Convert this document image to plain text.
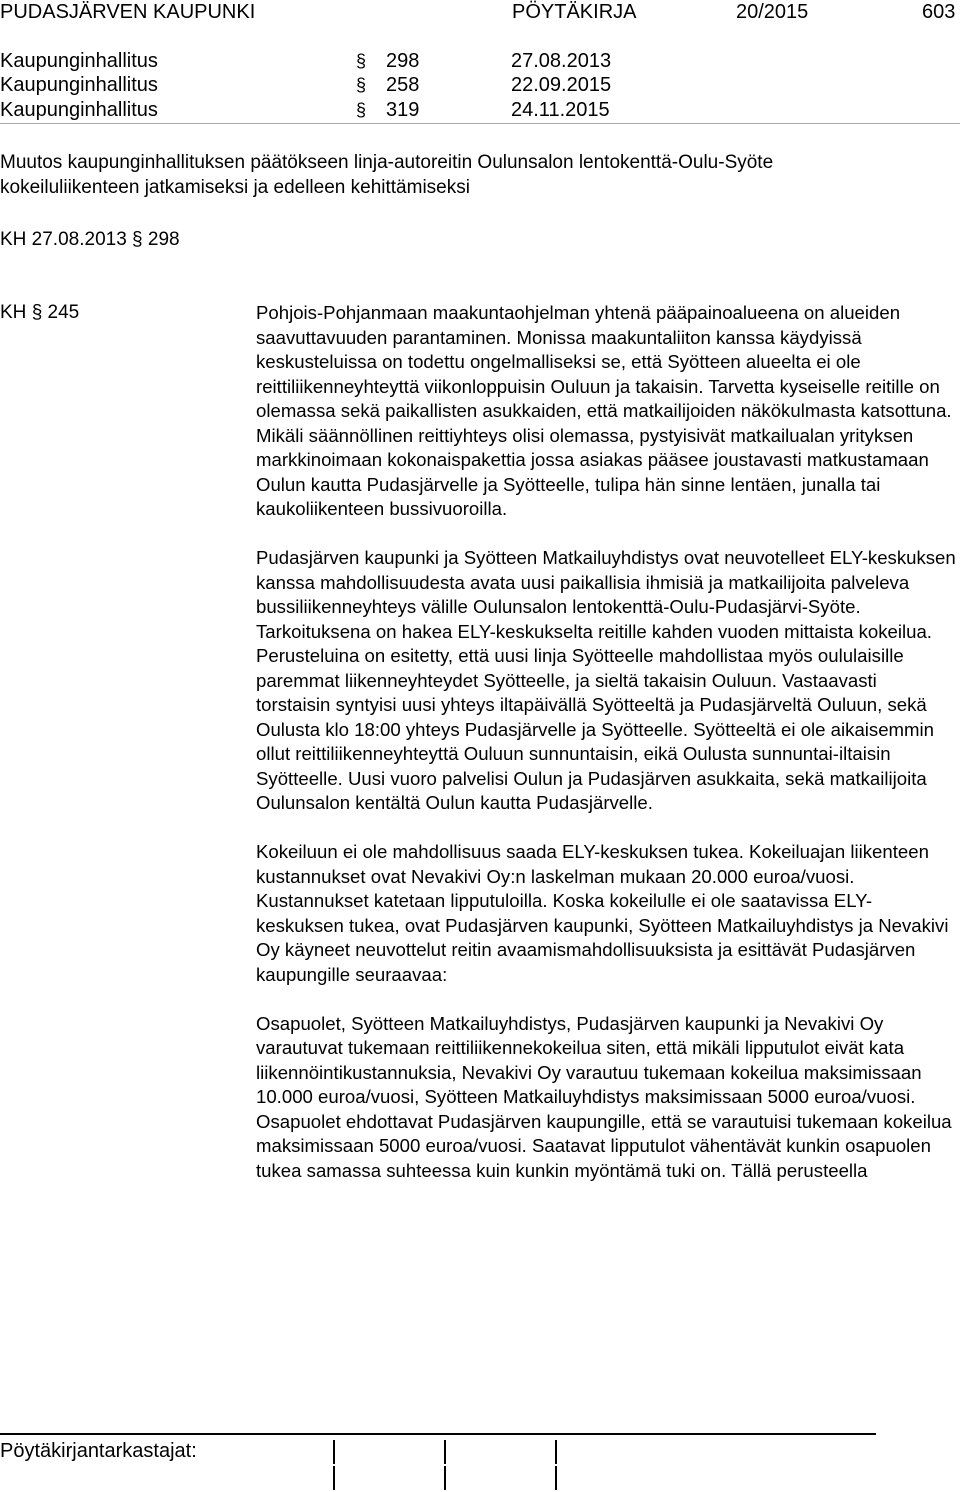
PUDASJÄRVEN KAUPUNKI	PÖYTÄKIRJA	20/2015	603
Kaupunginhallitus	§ 298	27.08.2013
Kaupunginhallitus	§ 258	22.09.2015
Kaupunginhallitus	§ 319	24.11.2015
Muutos kaupunginhallituksen päätökseen linja-autoreitin Oulunsalon lentokenttä-Oulu-Syöte kokeiluliikenteen jatkamiseksi ja edelleen kehittämiseksi
KH 27.08.2013 § 298
KH § 245	Pohjois-Pohjanmaan maakuntaohjelman yhtenä pääpainoalueena on alueiden saavuttavuuden parantaminen. Monissa maakuntaliiton kanssa käydyissä keskusteluissa on todettu ongelmalliseksi se, että Syötteen alueelta ei ole reittiliikenneyhteyttä viikonloppuisin Ouluun ja takaisin. Tarvetta kyseiselle reitille on olemassa sekä paikallisten asukkaiden, että matkailijoiden näkökulmasta katsottuna. Mikäli säännöllinen reittiyhteys olisi olemassa, pystyisivät matkailualan yrityksen markkinoimaan kokonaispakettia jossa asiakas pääsee joustavasti matkustamaan Oulun kautta Pudasjärvelle ja Syötteelle, tulipa hän sinne lentäen, junalla tai kaukoliikenteen bussivuoroilla.

Pudasjärven kaupunki ja Syötteen Matkailuyhdistys ovat neuvotelleet ELY-keskuksen kanssa mahdollisuudesta avata uusi paikallisia ihmisiä ja matkailijoita palveleva bussiliikenneyhteys välille Oulunsalon lentokenttä-Oulu-Pudasjärvi-Syöte. Tarkoituksena on hakea ELY-keskukselta reitille kahden vuoden mittaista kokeilua. Perusteluina on esitetty, että uusi linja Syötteelle mahdollistaa myös oululaisille paremmat liikenneyhteydet Syötteelle, ja sieltä takaisin Ouluun. Vastaavasti torstaisin syntyisi uusi yhteys iltapäivällä Syötteeltä ja Pudasjärveltä Ouluun, sekä Oulusta klo 18:00 yhteys Pudasjärvelle ja Syötteelle. Syötteeltä ei ole aikaisemmin ollut reittiliikenneyhteyttä Ouluun sunnuntaisin, eikä Oulusta sunnuntai-iltaisin Syötteelle. Uusi vuoro palvelisi Oulun ja Pudasjärven asukkaita, sekä matkailijoita Oulunsalon kentältä Oulun kautta Pudasjärvelle.

Kokeiluun ei ole mahdollisuus saada ELY-keskuksen tukea. Kokeiluajan liikenteen kustannukset ovat Nevakivi Oy:n laskelman mukaan 20.000 euroa/vuosi. Kustannukset katetaan lipputuloilla. Koska kokeilulle ei ole saatavissa ELY-keskuksen tukea, ovat Pudasjärven kaupunki, Syötteen Matkailuyhdistys ja Nevakivi Oy käyneet neuvottelut reitin avaamismahdollisuuksista ja esittävät Pudasjärven kaupungille seuraavaa:

Osapuolet, Syötteen Matkailuyhdistys, Pudasjärven kaupunki ja Nevakivi Oy varautuvat tukemaan reittiliikennekokeilua siten, että mikäli lipputulot eivät kata liikennöintikustannuksia, Nevakivi Oy varautuu tukemaan kokeilua maksimissaan 10.000 euroa/vuosi, Syötteen Matkailuyhdistys maksimissaan 5000 euroa/vuosi. Osapuolet ehdottavat Pudasjärven kaupungille, että se varautuisi tukemaan kokeilua maksimissaan 5000 euroa/vuosi. Saatavat lipputulot vähentävät kunkin osapuolen tukea samassa suhteessa kuin kunkin myöntämä tuki on. Tällä perusteella

Pöytäkirjantarkastajat:
